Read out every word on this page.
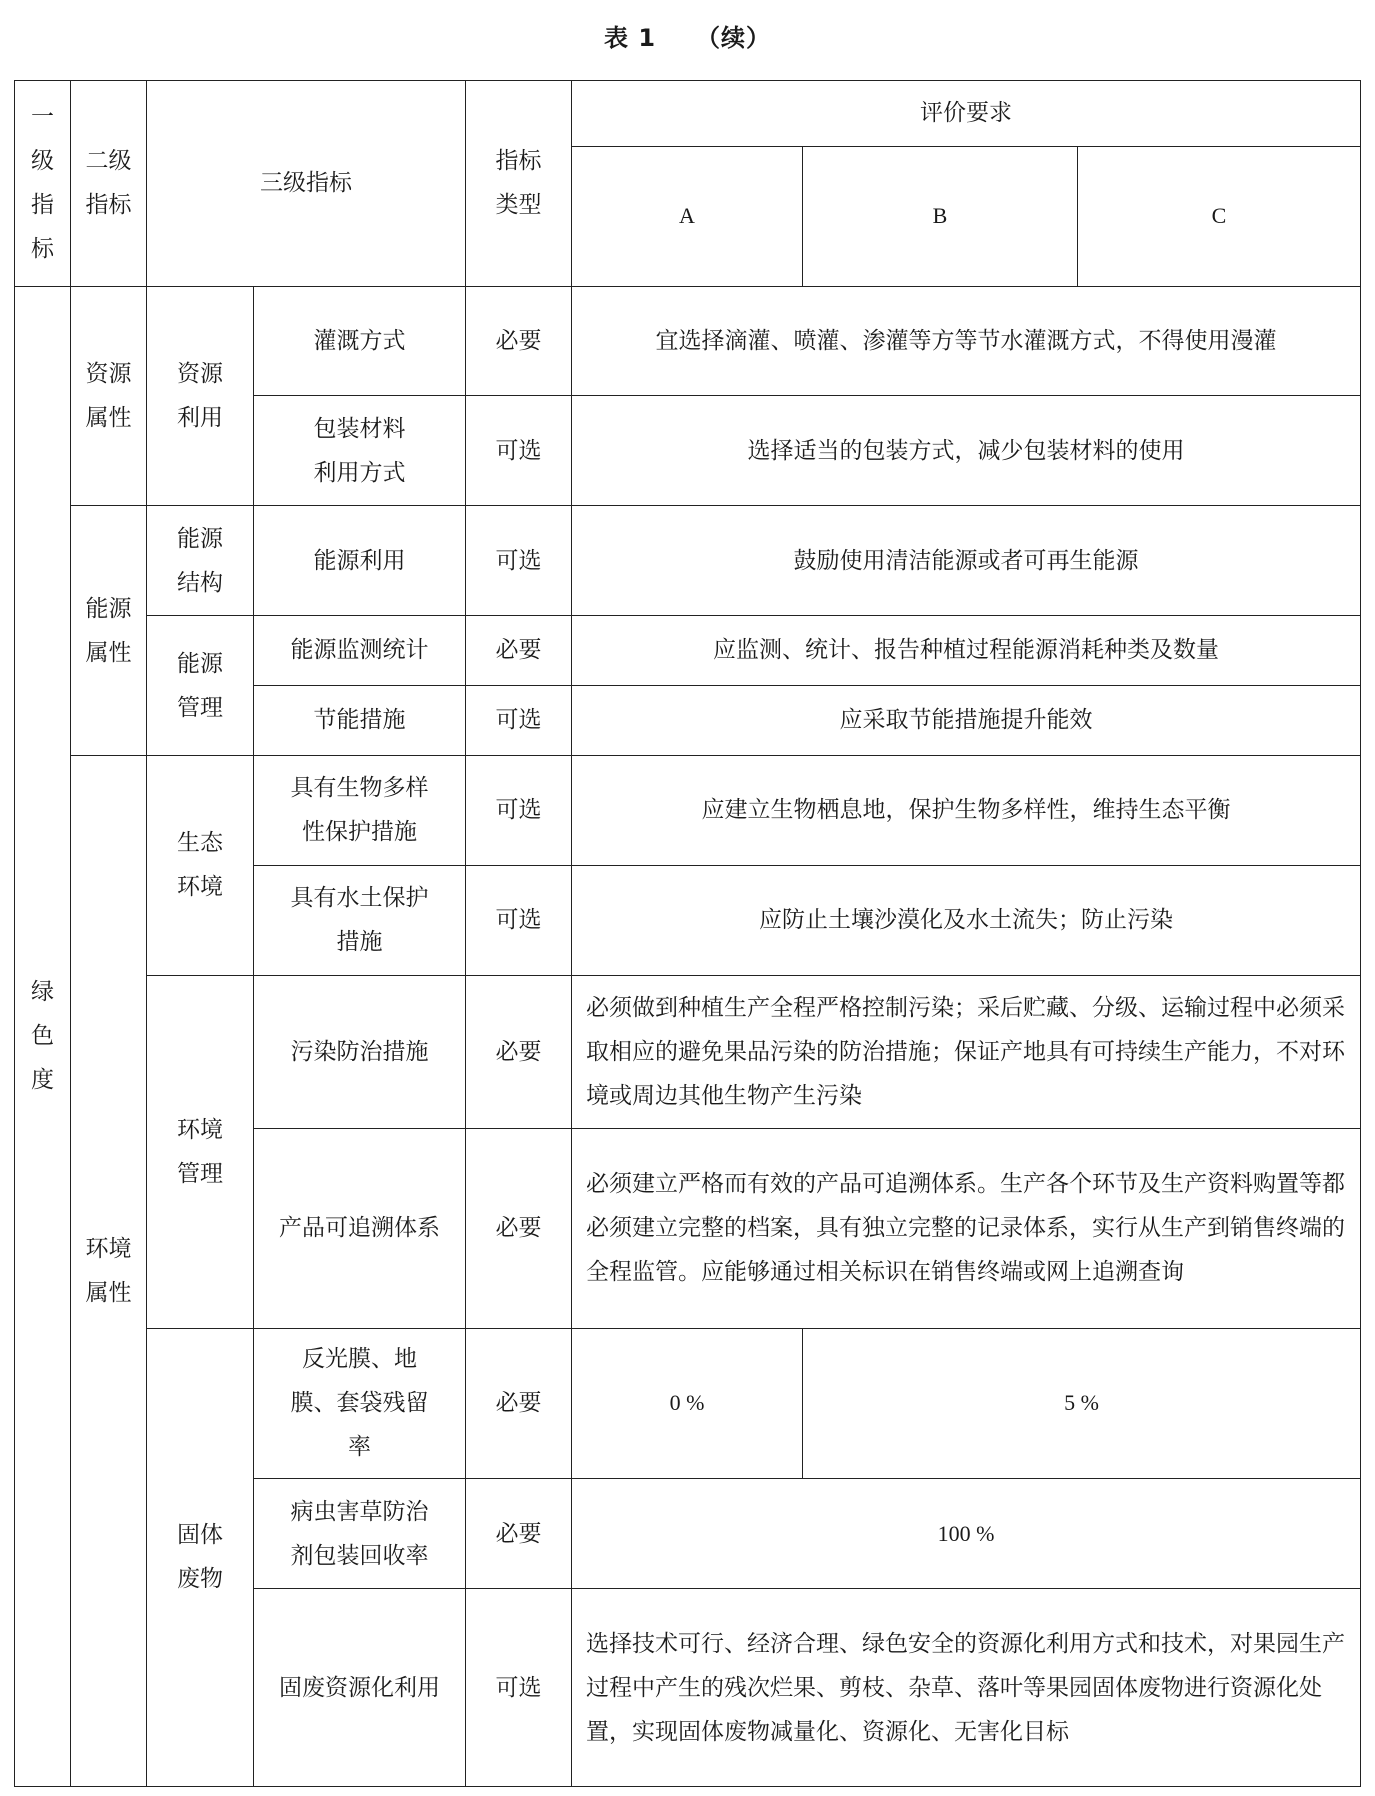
表 1 （续）
一级指标	二级指标	三级指标		指标类型	评价要求		
					A	B	C

绿色度	资源属性	资源利用	灌溉方式	必要	宜选择滴灌、喷灌、渗灌等方等节水灌溉方式，不得使用漫灌		

			包装材料利用方式	可选	选择适当的包装方式，减少包装材料的使用		

	能源属性	能源结构	能源利用	可选	鼓励使用清洁能源或者可再生能源		

		能源管理	能源监测统计	必要	应监测、统计、报告种植过程能源消耗种类及数量		
			节能措施	可选	应采取节能措施提升能效		

	环境属性	生态环境	具有生物多样性保护措施	可选	应建立生物栖息地，保护生物多样性，维持生态平衡		

			具有水土保护措施	可选	应防止土壤沙漠化及水土流失；防止污染		

		环境管理	污染防治措施	必要	必须做到种植生产全程严格控制污染；采后贮藏、分级、运输过程中必须采取相应的避免果品污染的防治措施；保证产地具有可持续生产能力，不对环境或周边其他生物产生污染		
			产品可追溯体系	必要	必须建立严格而有效的产品可追溯体系。生产各个环节及生产资料购置等都必须建立完整的档案，具有独立完整的记录体系，实行从生产到销售终端的全程监管。应能够通过相关标识在销售终端或网上追溯查询		

		固体废物	反光膜、地膜、套袋残留率	必要	0 %	5 %	

			病虫害草防治剂包装回收率	必要	100 %		
			固废资源化利用	可选	选择技术可行、经济合理、绿色安全的资源化利用方式和技术，对果园生产过程中产生的残次烂果、剪枝、杂草、落叶等果园固体废物进行资源化处置，实现固体废物减量化、资源化、无害化目标		
